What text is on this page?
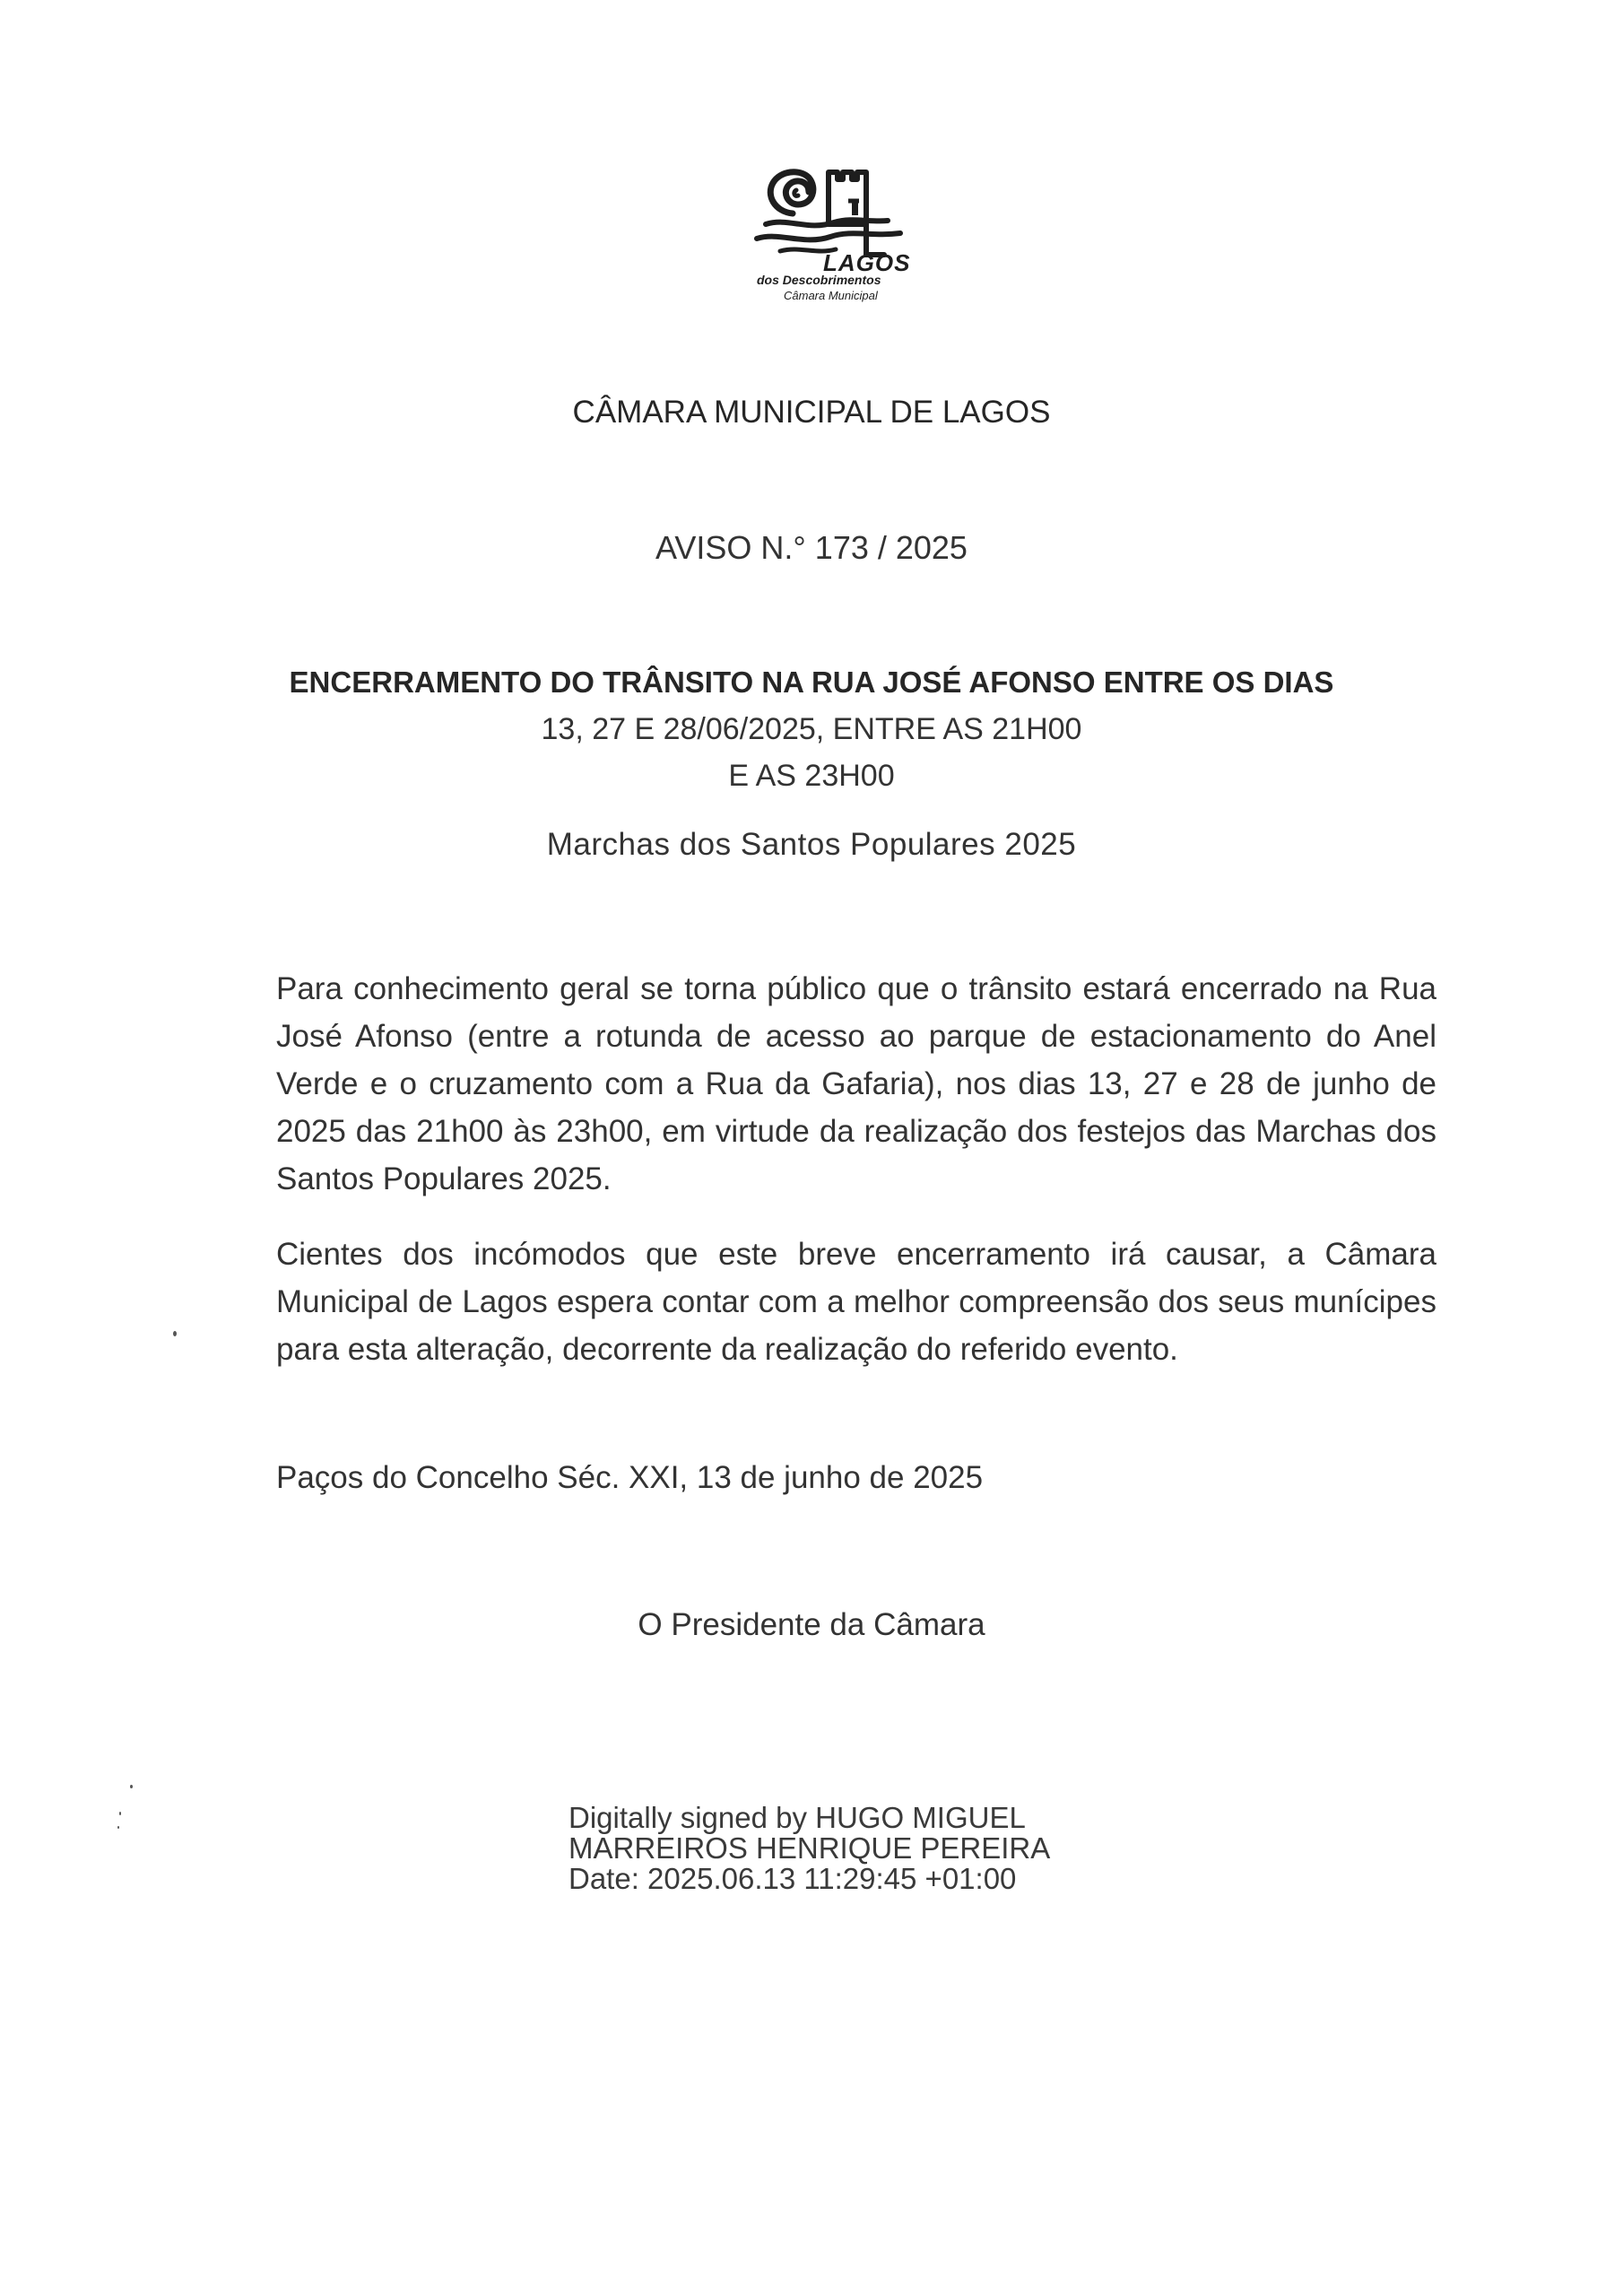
LAGOS
dos Descobrimentos
Câmara Municipal
CÂMARA MUNICIPAL DE LAGOS
AVISO N.° 173 / 2025
ENCERRAMENTO DO TRÂNSITO NA RUA JOSÉ AFONSO ENTRE OS DIAS
13, 27 E 28/06/2025, ENTRE AS 21H00
E AS 23H00
Marchas dos Santos Populares 2025
Para conhecimento geral se torna público que o trânsito estará encerrado na Rua José Afonso (entre a rotunda de acesso ao parque de estacionamento do Anel Verde e o cruzamento com a Rua da Gafaria), nos dias 13, 27 e 28 de junho de 2025 das 21h00 às 23h00, em virtude da realização dos festejos das Marchas dos Santos Populares 2025.
Cientes dos incómodos que este breve encerramento irá causar, a Câmara Municipal de Lagos espera contar com a melhor compreensão dos seus munícipes para esta alteração, decorrente da realização do referido evento.
Paços do Concelho Séc. XXI, 13 de junho de 2025
O Presidente da Câmara
Digitally signed by HUGO MIGUEL
MARREIROS HENRIQUE PEREIRA
Date: 2025.06.13 11:29:45 +01:00
